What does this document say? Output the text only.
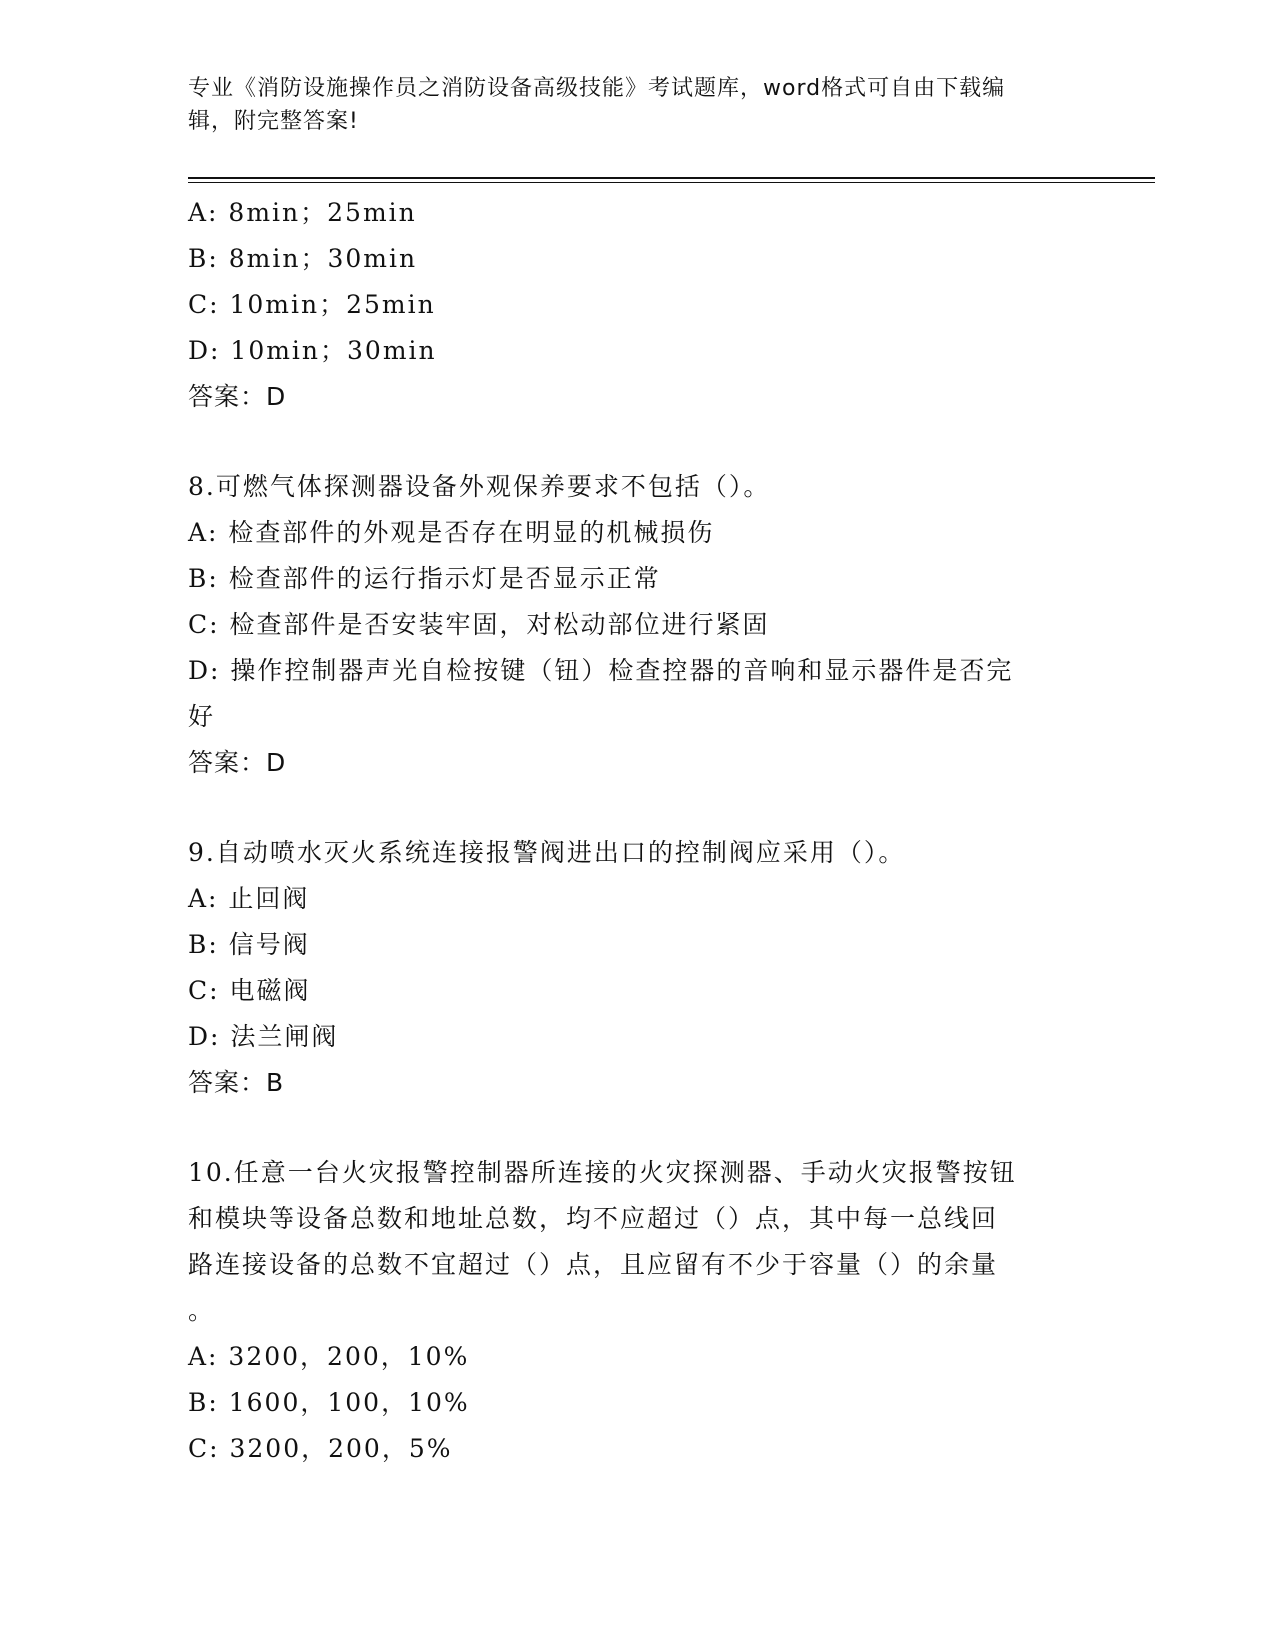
专业《消防设施操作员之消防设备高级技能》考试题库，word格式可自由下载编
辑，附完整答案!
A: 8min；25min
B: 8min；30min
C: 10min；25min
D: 10min；30min
答案：D
8.可燃气体探测器设备外观保养要求不包括（）。
A: 检查部件的外观是否存在明显的机械损伤
B: 检查部件的运行指示灯是否显示正常
C: 检查部件是否安装牢固，对松动部位进行紧固
D: 操作控制器声光自检按键（钮）检查控器的音响和显示器件是否完
好
答案：D
9.自动喷水灭火系统连接报警阀进出口的控制阀应采用（）。
A: 止回阀
B: 信号阀
C: 电磁阀
D: 法兰闸阀
答案：B
10.任意一台火灾报警控制器所连接的火灾探测器、手动火灾报警按钮
和模块等设备总数和地址总数，均不应超过（）点，其中每一总线回
路连接设备的总数不宜超过（）点，且应留有不少于容量（）的余量
。
A: 3200，200，10%
B: 1600，100，10%
C: 3200，200，5%
